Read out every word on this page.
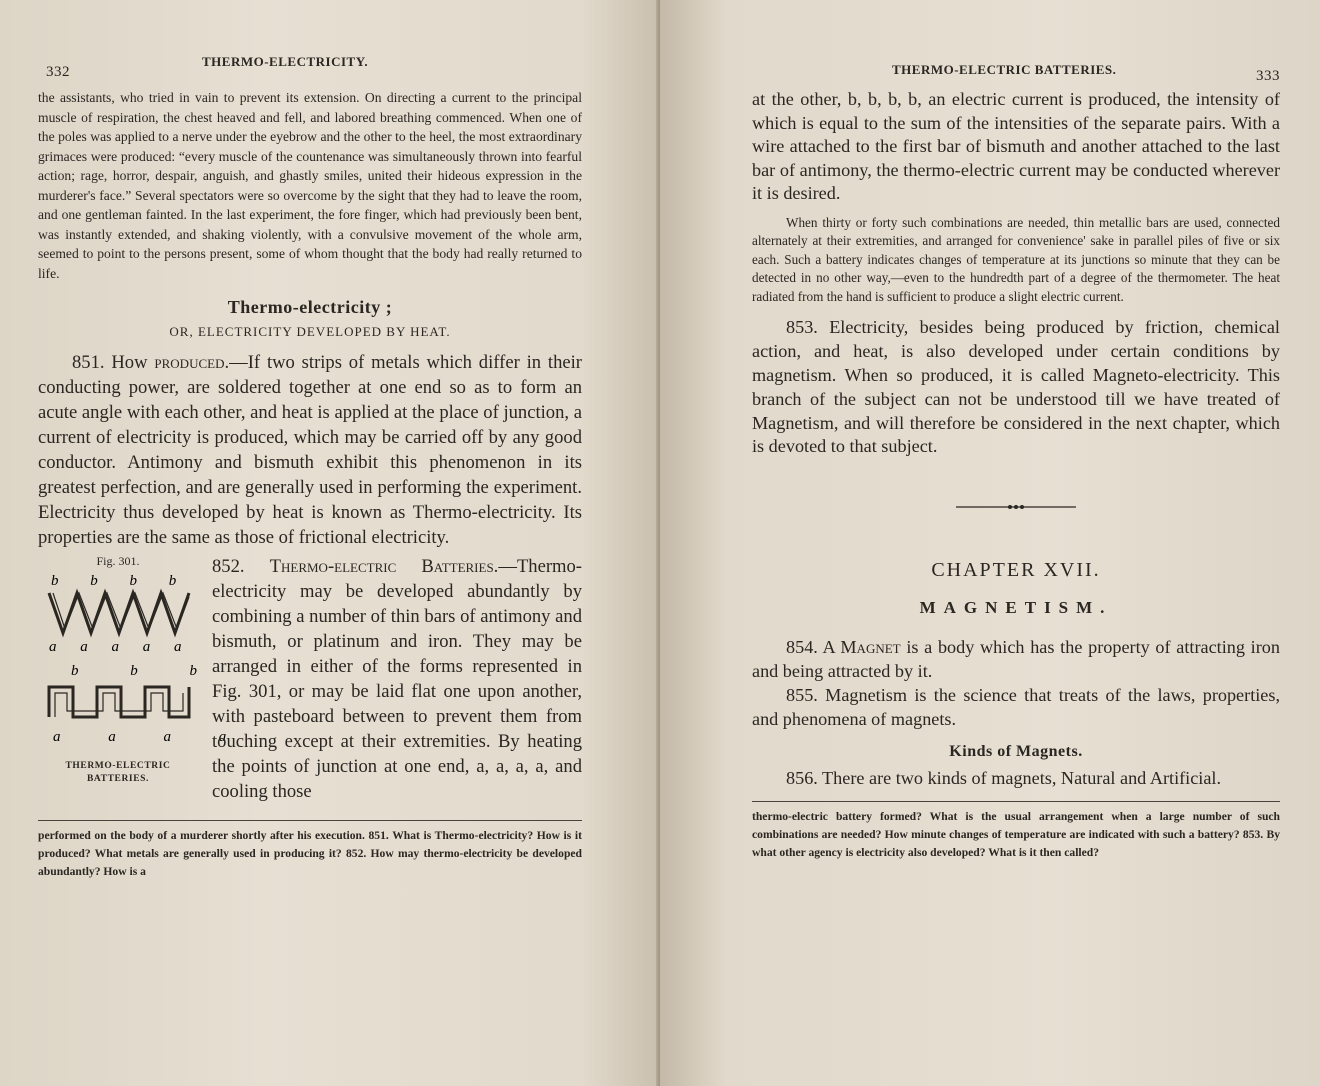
332
THERMO-ELECTRICITY.

the assistants, who tried in vain to prevent its extension. On directing a current to the principal muscle of respiration, the chest heaved and fell, and labored breathing commenced. When one of the poles was applied to a nerve under the eyebrow and the other to the heel, the most extraordinary grimaces were produced: “every muscle of the countenance was simultaneously thrown into fearful action; rage, horror, despair, anguish, and ghastly smiles, united their hideous expression in the murderer's face.” Several spectators were so overcome by the sight that they had to leave the room, and one gentleman fainted. In the last experiment, the fore finger, which had previously been bent, was instantly extended, and shaking violently, with a convulsive movement of the whole arm, seemed to point to the persons present, some of whom thought that the body had really returned to life.

Thermo-electricity ;
OR, ELECTRICITY DEVELOPED BY HEAT.

851. How produced.—If two strips of metals which differ in their conducting power, are soldered together at one end so as to form an acute angle with each other, and heat is applied at the place of junction, a current of electricity is produced, which may be carried off by any good conductor. Antimony and bismuth exhibit this phenomenon in its greatest perfection, and are generally used in performing the experiment. Electricity thus developed by heat is known as Thermo-electricity. Its properties are the same as those of frictional electricity.

Fig. 301.
b b b b
a a a a a
b b b
a a a a
THERMO-ELECTRIC BATTERIES.

852. Thermo-electric Batteries.—Thermo-electricity may be developed abundantly by combining a number of thin bars of antimony and bismuth, or platinum and iron. They may be arranged in either of the forms represented in Fig. 301, or may be laid flat one upon another, with pasteboard between to prevent them from touching except at their extremities. By heating the points of junction at one end, a, a, a, a, and cooling those

performed on the body of a murderer shortly after his execution. 851. What is Thermo-electricity? How is it produced? What metals are generally used in producing it? 852. How may thermo-electricity be developed abundantly? How is a
THERMO-ELECTRIC BATTERIES.	333

at the other, b, b, b, b, an electric current is produced, the intensity of which is equal to the sum of the intensities of the separate pairs. With a wire attached to the first bar of bismuth and another attached to the last bar of antimony, the thermo-electric current may be conducted wherever it is desired.

When thirty or forty such combinations are needed, thin metallic bars are used, connected alternately at their extremities, and arranged for convenience' sake in parallel piles of five or six each. Such a battery indicates changes of temperature at its junctions so minute that they can be detected in no other way,—even to the hundredth part of a degree of the thermometer. The heat radiated from the hand is sufficient to produce a slight electric current.

853. Electricity, besides being produced by friction, chemical action, and heat, is also developed under certain conditions by magnetism. When so produced, it is called Magneto-electricity. This branch of the subject can not be understood till we have treated of Magnetism, and will therefore be considered in the next chapter, which is devoted to that subject.

CHAPTER XVII.
MAGNETISM.

854. A Magnet is a body which has the property of attracting iron and being attracted by it.

855. Magnetism is the science that treats of the laws, properties, and phenomena of magnets.

Kinds of Magnets.

856. There are two kinds of magnets, Natural and Artificial.

thermo-electric battery formed? What is the usual arrangement when a large number of such combinations are needed? How minute changes of temperature are indicated with such a battery? 853. By what other agency is electricity also developed? What is it then called?
